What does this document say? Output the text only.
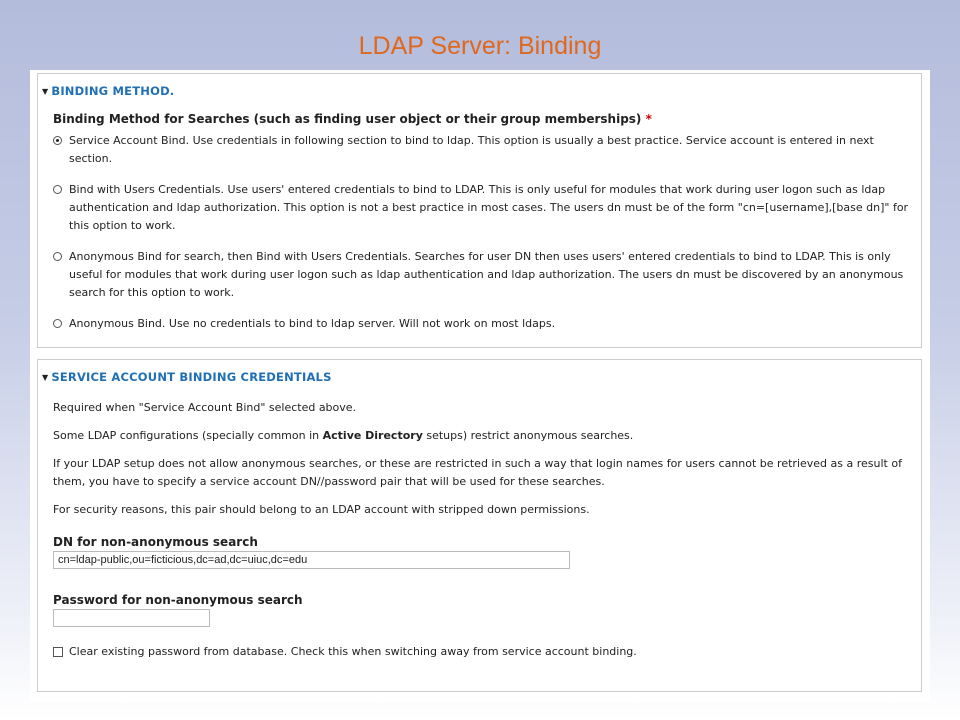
LDAP Server: Binding
▼ BINDING METHOD.
Binding Method for Searches (such as finding user object or their group memberships) *
Service Account Bind. Use credentials in following section to bind to ldap. This option is usually a best practice. Service account is entered in next section.
Bind with Users Credentials. Use users' entered credentials to bind to LDAP. This is only useful for modules that work during user logon such as ldap authentication and ldap authorization. This option is not a best practice in most cases. The users dn must be of the form "cn=[username],[base dn]" for this option to work.
Anonymous Bind for search, then Bind with Users Credentials. Searches for user DN then uses users' entered credentials to bind to LDAP. This is only useful for modules that work during user logon such as ldap authentication and ldap authorization. The users dn must be discovered by an anonymous search for this option to work.
Anonymous Bind. Use no credentials to bind to ldap server. Will not work on most ldaps.
▼ SERVICE ACCOUNT BINDING CREDENTIALS
Required when "Service Account Bind" selected above.
Some LDAP configurations (specially common in Active Directory setups) restrict anonymous searches.
If your LDAP setup does not allow anonymous searches, or these are restricted in such a way that login names for users cannot be retrieved as a result of them, you have to specify a service account DN//password pair that will be used for these searches.
For security reasons, this pair should belong to an LDAP account with stripped down permissions.
DN for non-anonymous search
cn=ldap-public,ou=ficticious,dc=ad,dc=uiuc,dc=edu
Password for non-anonymous search
Clear existing password from database. Check this when switching away from service account binding.
